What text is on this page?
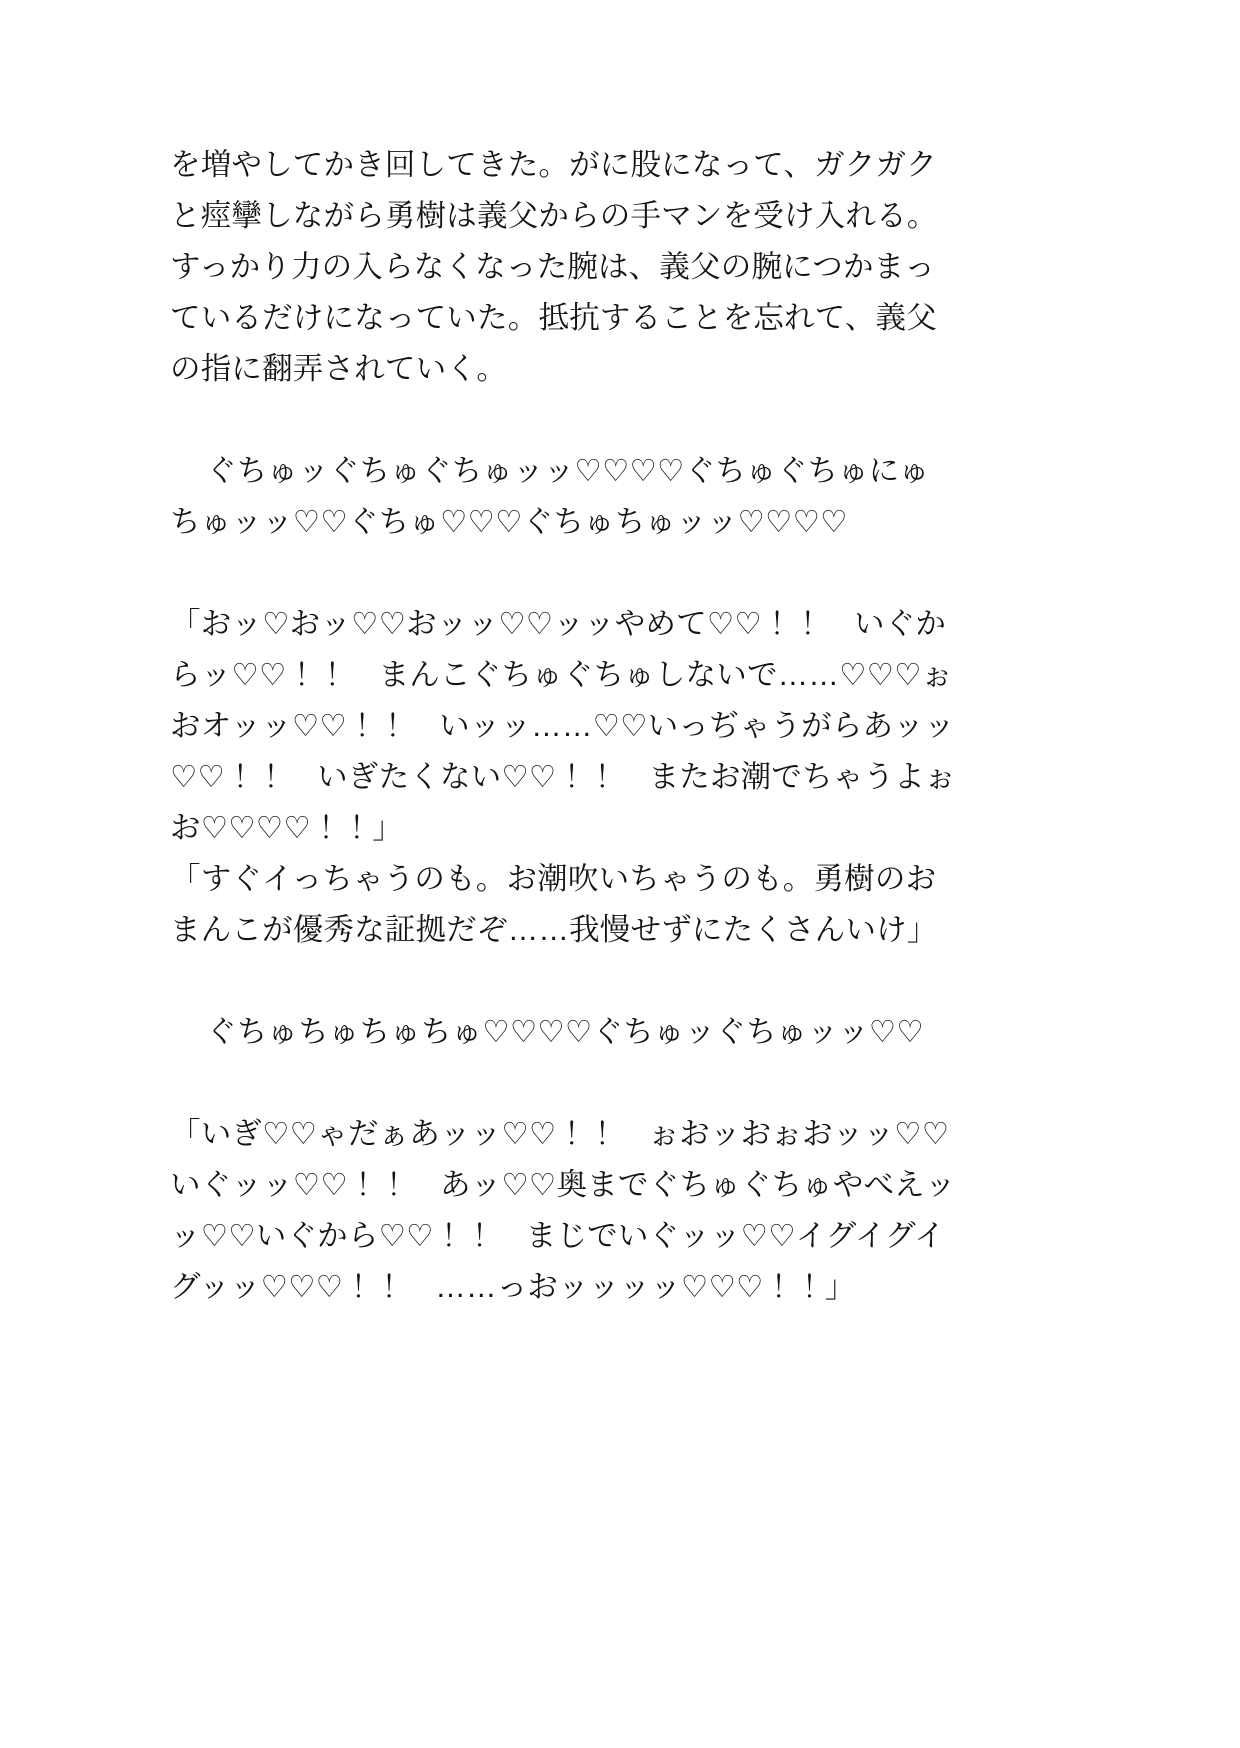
を増やしてかき回してきた。がに股になって、ガクガクと痙攣しながら勇樹は義父からの手マンを受け入れる。すっかり力の入らなくなった腕は、義父の腕につかまっているだけになっていた。抵抗することを忘れて、義父の指に翻弄されていく。

ぐちゅッぐちゅぐちゅッッ♡♡♡♡ぐちゅぐちゅにゅちゅッッ♡♡ぐちゅ♡♡♡ぐちゅちゅッッ♡♡♡♡

「おッ♡おッ♡♡おッッ♡♡ッッやめて♡♡！！　いぐからッ♡♡！！　まんこぐちゅぐちゅしないで……♡♡♡ぉおオッッ♡♡！！　いッッ……♡♡いっぢゃうがらあッッ♡♡！！　いぎたくない♡♡！！　またお潮でちゃうよぉお♡♡♡♡！！」

「すぐイっちゃうのも。お潮吹いちゃうのも。勇樹のおまんこが優秀な証拠だぞ……我慢せずにたくさんいけ」

ぐちゅちゅちゅちゅ♡♡♡♡ぐちゅッぐちゅッッ♡♡

「いぎ♡♡ゃだぁあッッ♡♡！！　ぉおッおぉおッッ♡♡いぐッッ♡♡！！　あッ♡♡奥までぐちゅぐちゅやべえッッ♡♡いぐから♡♡！！　まじでいぐッッ♡♡イグイグイグッッ♡♡♡！！　……っおッッッッ♡♡♡！！」
